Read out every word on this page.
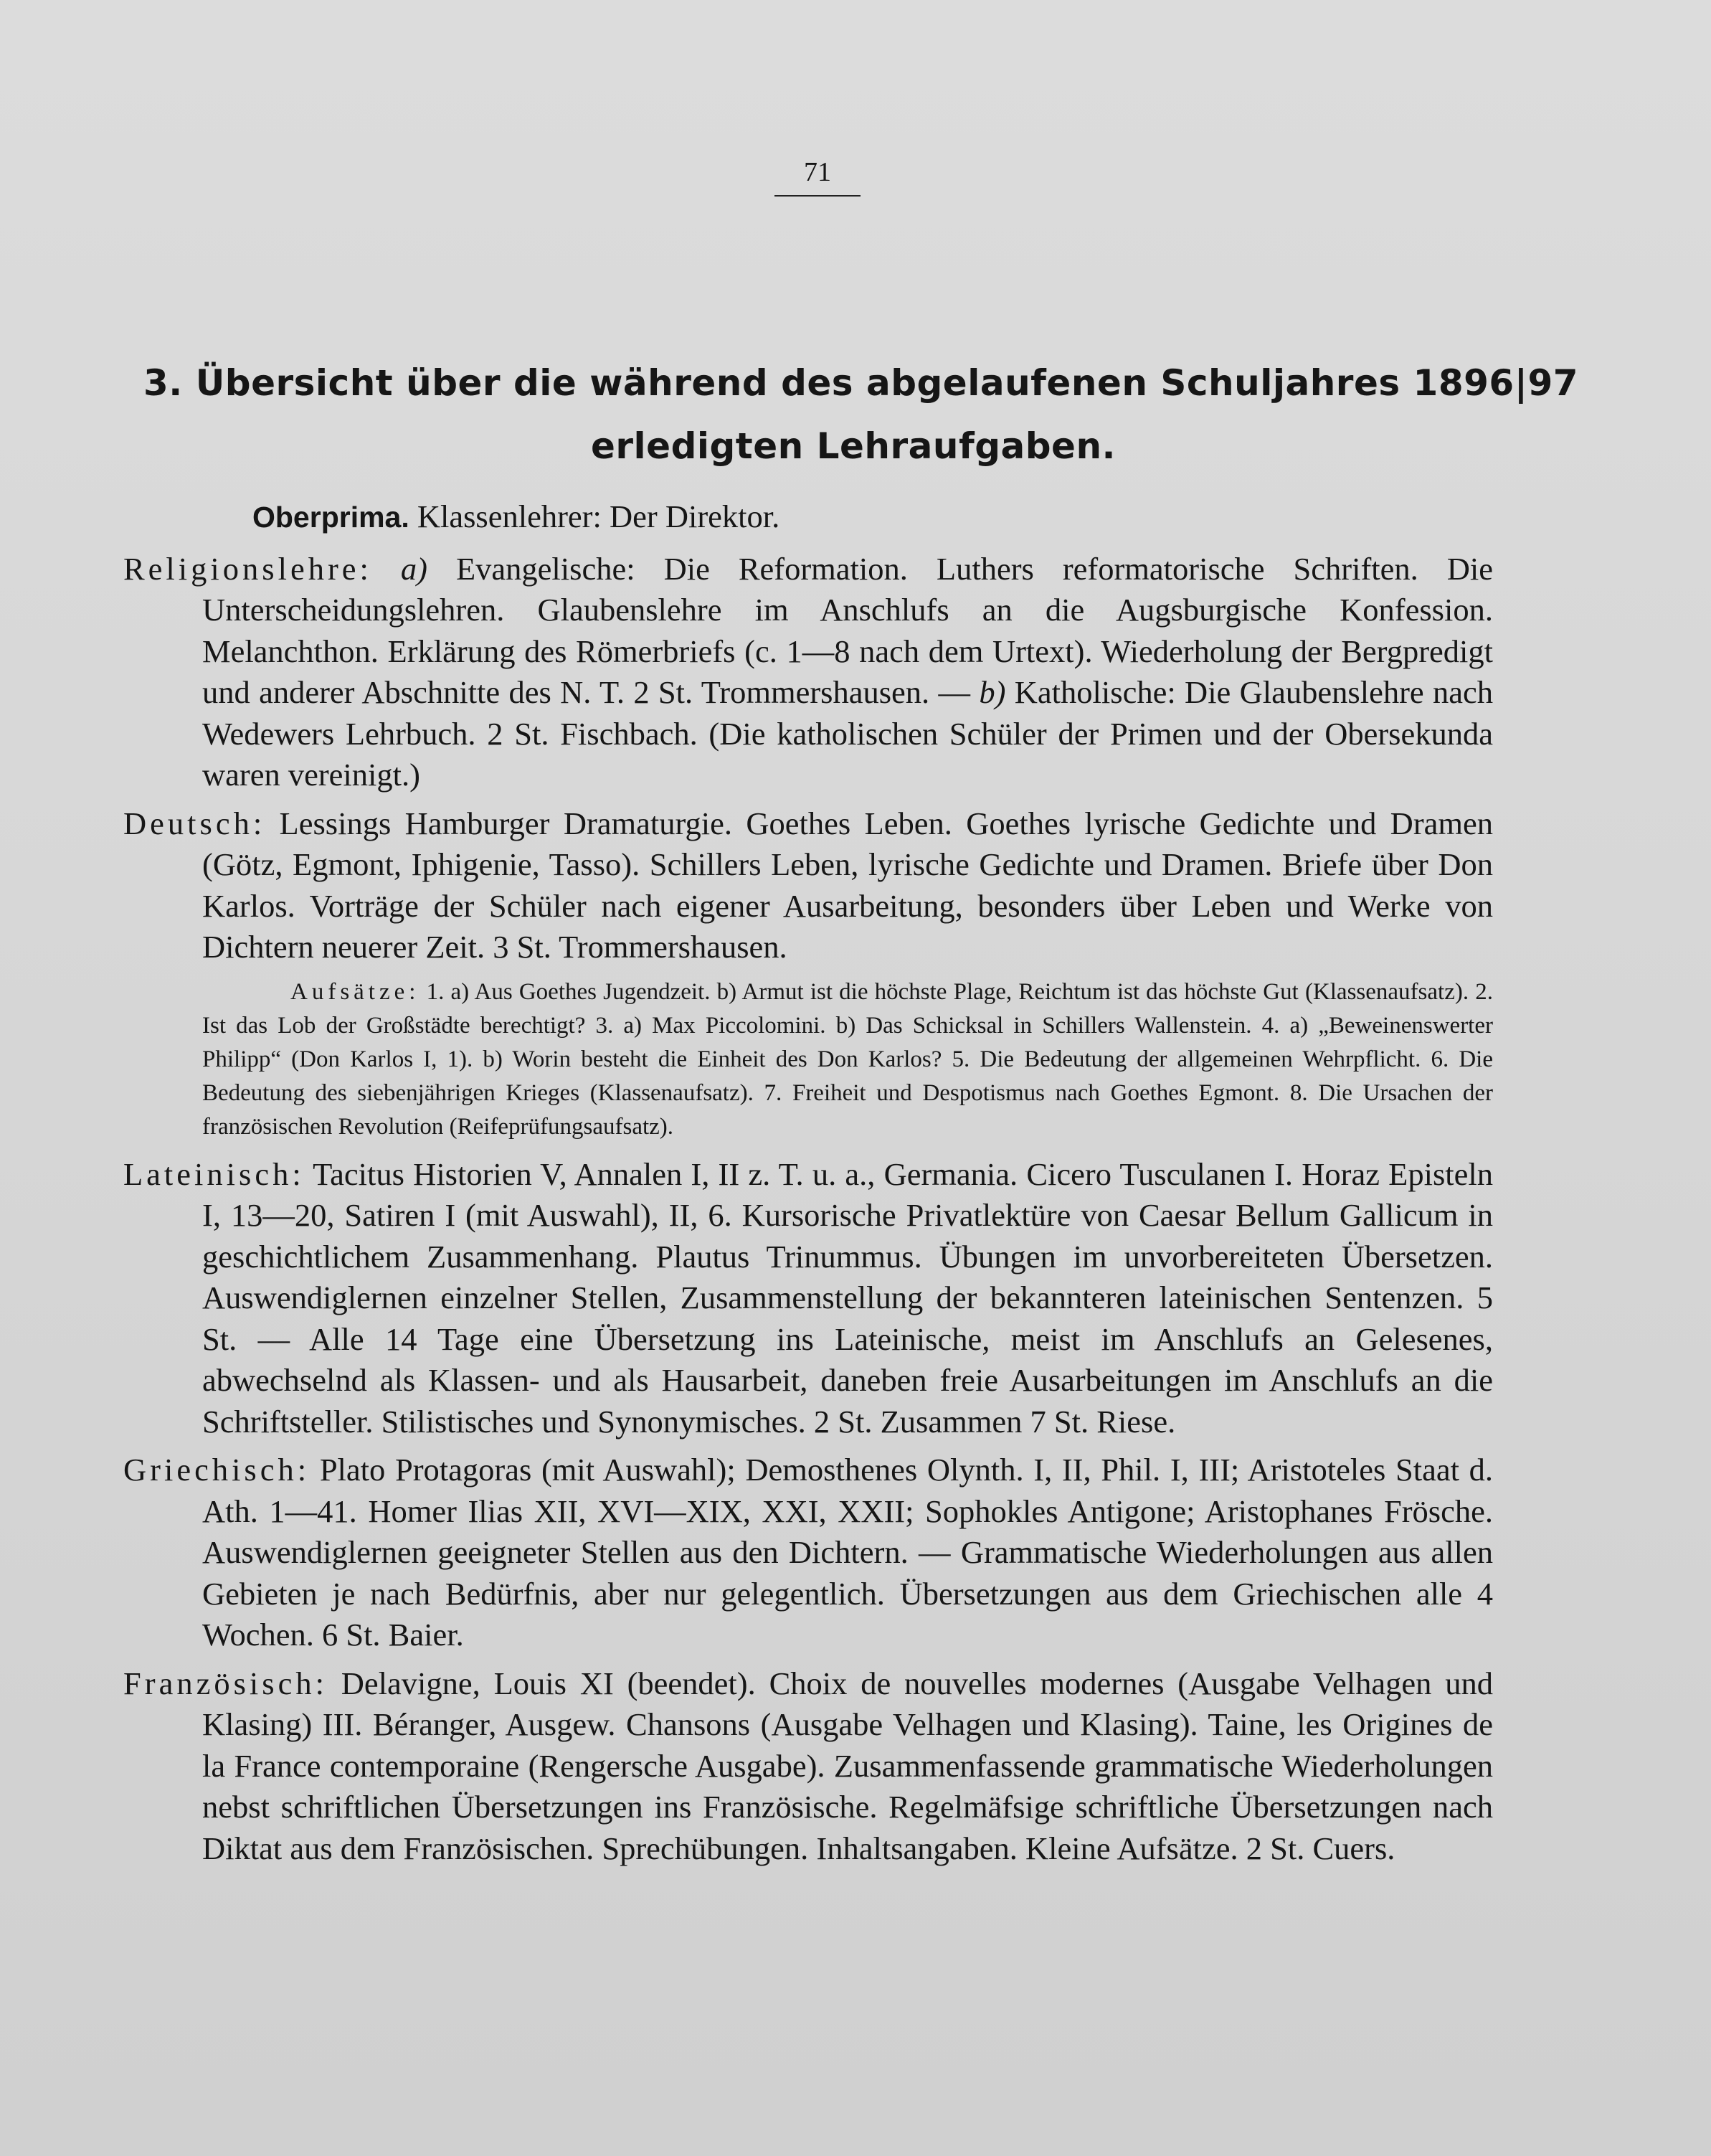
71
3. Übersicht über die während des abgelaufenen Schuljahres 1896|97
erledigten Lehraufgaben.
Oberprima. Klassenlehrer: Der Direktor.

Religionslehre: a) Evangelische: Die Reformation. Luthers reformatorische Schriften. Die Unterscheidungslehren. Glaubenslehre im Anschlufs an die Augsburgische Konfession. Melanchthon. Erklärung des Römerbriefs (c. 1—8 nach dem Urtext). Wiederholung der Bergpredigt und anderer Abschnitte des N. T. 2 St. Trommershausen. — b) Katholische: Die Glaubenslehre nach Wedewers Lehrbuch. 2 St. Fischbach. (Die katholischen Schüler der Primen und der Obersekunda waren vereinigt.)

Deutsch: Lessings Hamburger Dramaturgie. Goethes Leben. Goethes lyrische Gedichte und Dramen (Götz, Egmont, Iphigenie, Tasso). Schillers Leben, lyrische Gedichte und Dramen. Briefe über Don Karlos. Vorträge der Schüler nach eigener Ausarbeitung, besonders über Leben und Werke von Dichtern neuerer Zeit. 3 St. Trommershausen.

Aufsätze: 1. a) Aus Goethes Jugendzeit. b) Armut ist die höchste Plage, Reichtum ist das höchste Gut (Klassenaufsatz). 2. Ist das Lob der Großstädte berechtigt? 3. a) Max Piccolomini. b) Das Schicksal in Schillers Wallenstein. 4. a) „Beweinenswerter Philipp“ (Don Karlos I, 1). b) Worin besteht die Einheit des Don Karlos? 5. Die Bedeutung der allgemeinen Wehrpflicht. 6. Die Bedeutung des siebenjährigen Krieges (Klassenaufsatz). 7. Freiheit und Despotismus nach Goethes Egmont. 8. Die Ursachen der französischen Revolution (Reifeprüfungsaufsatz).

Lateinisch: Tacitus Historien V, Annalen I, II z. T. u. a., Germania. Cicero Tusculanen I. Horaz Episteln I, 13—20, Satiren I (mit Auswahl), II, 6. Kursorische Privatlektüre von Caesar Bellum Gallicum in geschichtlichem Zusammenhang. Plautus Trinummus. Übungen im unvorbereiteten Übersetzen. Auswendiglernen einzelner Stellen, Zusammenstellung der bekannteren lateinischen Sentenzen. 5 St. — Alle 14 Tage eine Übersetzung ins Lateinische, meist im Anschlufs an Gelesenes, abwechselnd als Klassen- und als Hausarbeit, daneben freie Ausarbeitungen im Anschlufs an die Schriftsteller. Stilistisches und Synonymisches. 2 St. Zusammen 7 St. Riese.

Griechisch: Plato Protagoras (mit Auswahl); Demosthenes Olynth. I, II, Phil. I, III; Aristoteles Staat d. Ath. 1—41. Homer Ilias XII, XVI—XIX, XXI, XXII; Sophokles Antigone; Aristophanes Frösche. Auswendiglernen geeigneter Stellen aus den Dichtern. — Grammatische Wiederholungen aus allen Gebieten je nach Bedürfnis, aber nur gelegentlich. Übersetzungen aus dem Griechischen alle 4 Wochen. 6 St. Baier.

Französisch: Delavigne, Louis XI (beendet). Choix de nouvelles modernes (Ausgabe Velhagen und Klasing) III. Béranger, Ausgew. Chansons (Ausgabe Velhagen und Klasing). Taine, les Origines de la France contemporaine (Rengersche Ausgabe). Zusammenfassende grammatische Wiederholungen nebst schriftlichen Übersetzungen ins Französische. Regelmäfsige schriftliche Übersetzungen nach Diktat aus dem Französischen. Sprechübungen. Inhaltsangaben. Kleine Aufsätze. 2 St. Cuers.
